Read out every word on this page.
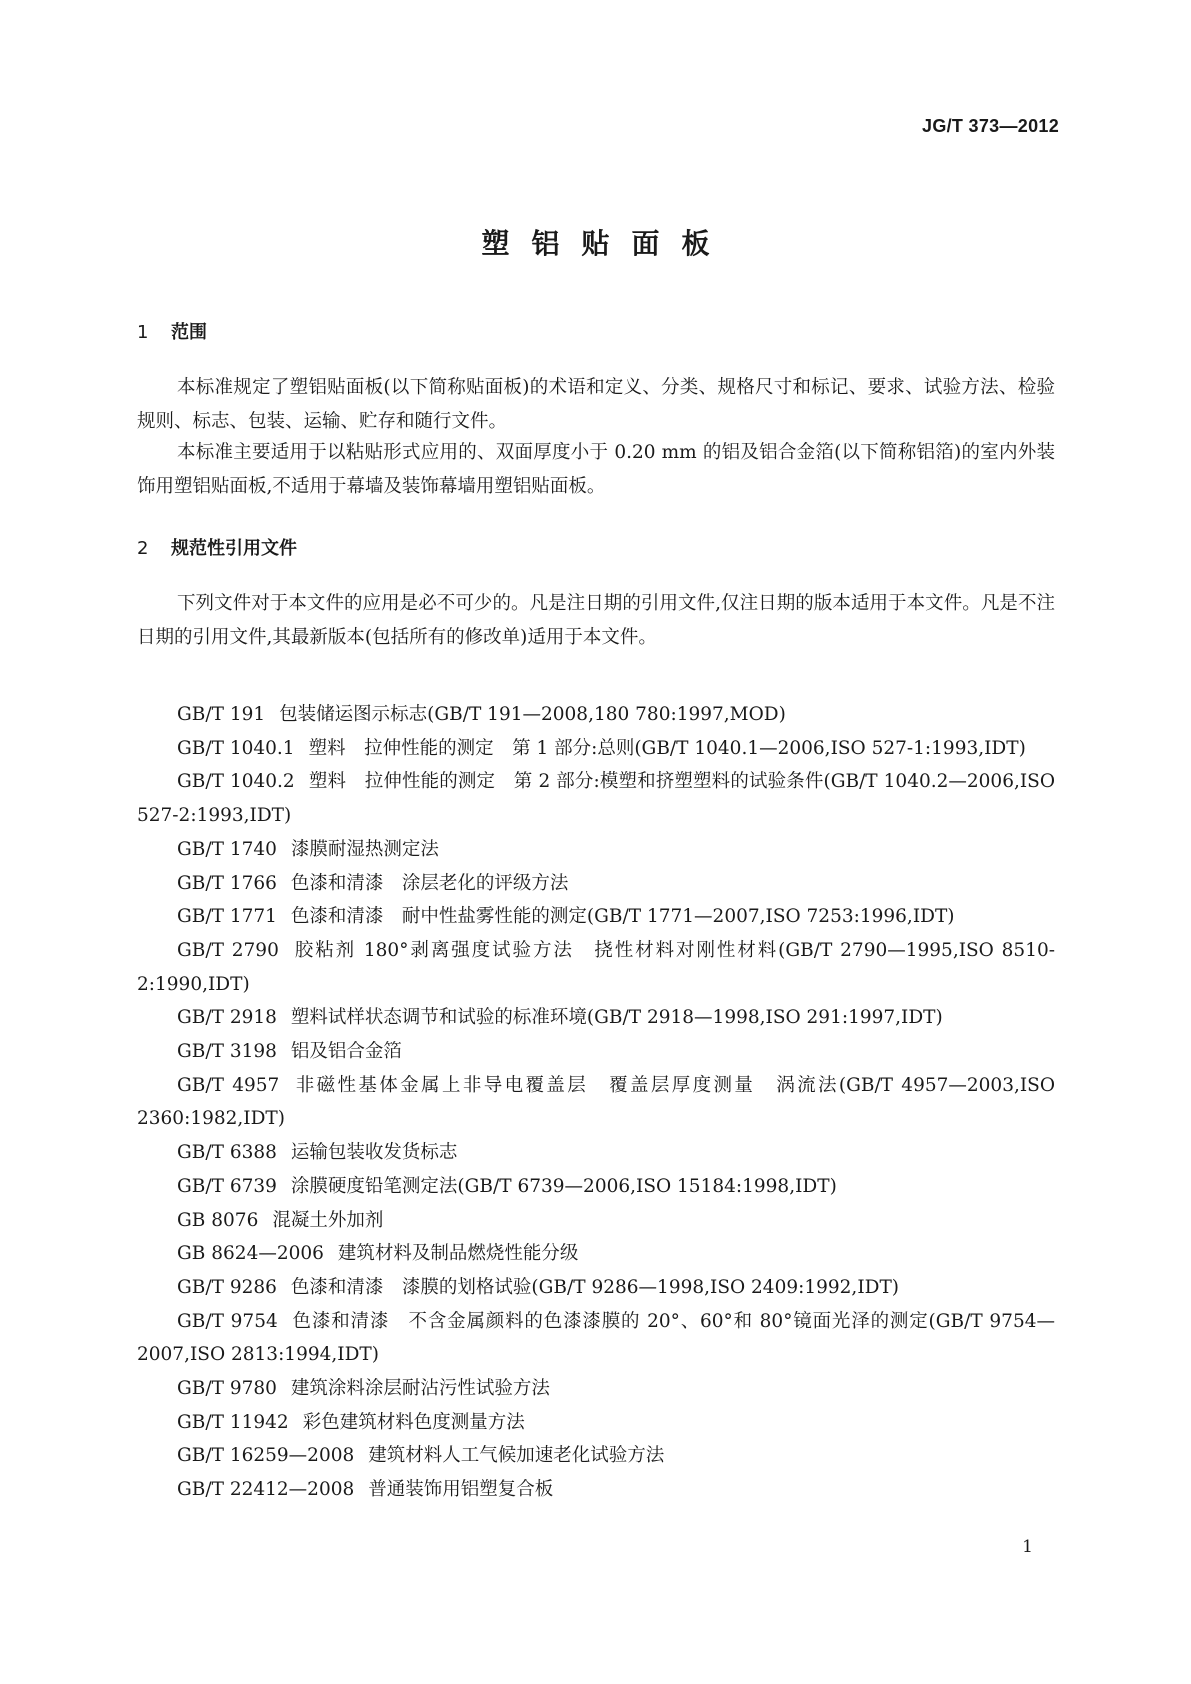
JG/T 373—2012
塑铝贴面板
1 范围

本标准规定了塑铝贴面板(以下简称贴面板)的术语和定义、分类、规格尺寸和标记、要求、试验方法、检验规则、标志、包装、运输、贮存和随行文件。

本标准主要适用于以粘贴形式应用的、双面厚度小于 0.20 mm 的铝及铝合金箔(以下简称铝箔)的室内外装饰用塑铝贴面板,不适用于幕墙及装饰幕墙用塑铝贴面板。

2 规范性引用文件

下列文件对于本文件的应用是必不可少的。凡是注日期的引用文件,仅注日期的版本适用于本文件。凡是不注日期的引用文件,其最新版本(包括所有的修改单)适用于本文件。

GB/T 191 包装储运图示标志(GB/T 191—2008,180 780:1997,MOD)
GB/T 1040.1 塑料　拉伸性能的测定　第 1 部分:总则(GB/T 1040.1—2006,ISO 527-1:1993,IDT)
GB/T 1040.2 塑料　拉伸性能的测定　第 2 部分:模塑和挤塑塑料的试验条件(GB/T 1040.2—2006,ISO 527-2:1993,IDT)
GB/T 1740 漆膜耐湿热测定法
GB/T 1766 色漆和清漆　涂层老化的评级方法
GB/T 1771 色漆和清漆　耐中性盐雾性能的测定(GB/T 1771—2007,ISO 7253:1996,IDT)
GB/T 2790 胶粘剂 180°剥离强度试验方法　挠性材料对刚性材料(GB/T 2790—1995,ISO 8510-2:1990,IDT)
GB/T 2918 塑料试样状态调节和试验的标准环境(GB/T 2918—1998,ISO 291:1997,IDT)
GB/T 3198 铝及铝合金箔
GB/T 4957 非磁性基体金属上非导电覆盖层　覆盖层厚度测量　涡流法(GB/T 4957—2003,ISO 2360:1982,IDT)
GB/T 6388 运输包装收发货标志
GB/T 6739 涂膜硬度铅笔测定法(GB/T 6739—2006,ISO 15184:1998,IDT)
GB 8076 混凝土外加剂
GB 8624—2006 建筑材料及制品燃烧性能分级
GB/T 9286 色漆和清漆　漆膜的划格试验(GB/T 9286—1998,ISO 2409:1992,IDT)
GB/T 9754 色漆和清漆　不含金属颜料的色漆漆膜的 20°、60°和 80°镜面光泽的测定(GB/T 9754—2007,ISO 2813:1994,IDT)
GB/T 9780 建筑涂料涂层耐沾污性试验方法
GB/T 11942 彩色建筑材料色度测量方法
GB/T 16259—2008 建筑材料人工气候加速老化试验方法
GB/T 22412—2008 普通装饰用铝塑复合板
1
